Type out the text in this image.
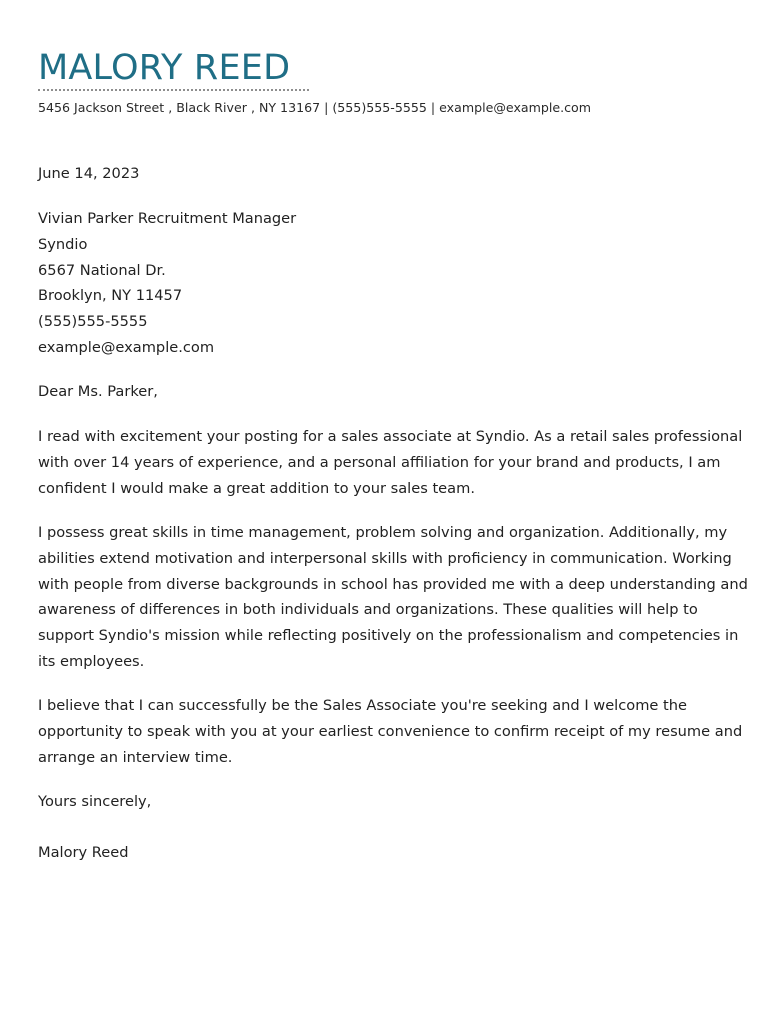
MALORY REED
5456 Jackson Street , Black River , NY 13167 | (555)555-5555 | example@example.com
June 14, 2023
Vivian Parker Recruitment Manager
Syndio
6567 National Dr.
Brooklyn, NY 11457
(555)555-5555
example@example.com
Dear Ms. Parker,

I read with excitement your posting for a sales associate at Syndio. As a retail sales professional with over 14 years of experience, and a personal affiliation for your brand and products, I am confident I would make a great addition to your sales team.

I possess great skills in time management, problem solving and organization. Additionally, my abilities extend motivation and interpersonal skills with proficiency in communication. Working with people from diverse backgrounds in school has provided me with a deep understanding and awareness of differences in both individuals and organizations. These qualities will help to support Syndio's mission while reflecting positively on the professionalism and competencies in its employees.

I believe that I can successfully be the Sales Associate you're seeking and I welcome the opportunity to speak with you at your earliest convenience to confirm receipt of my resume and arrange an interview time.

Yours sincerely,
Malory Reed
